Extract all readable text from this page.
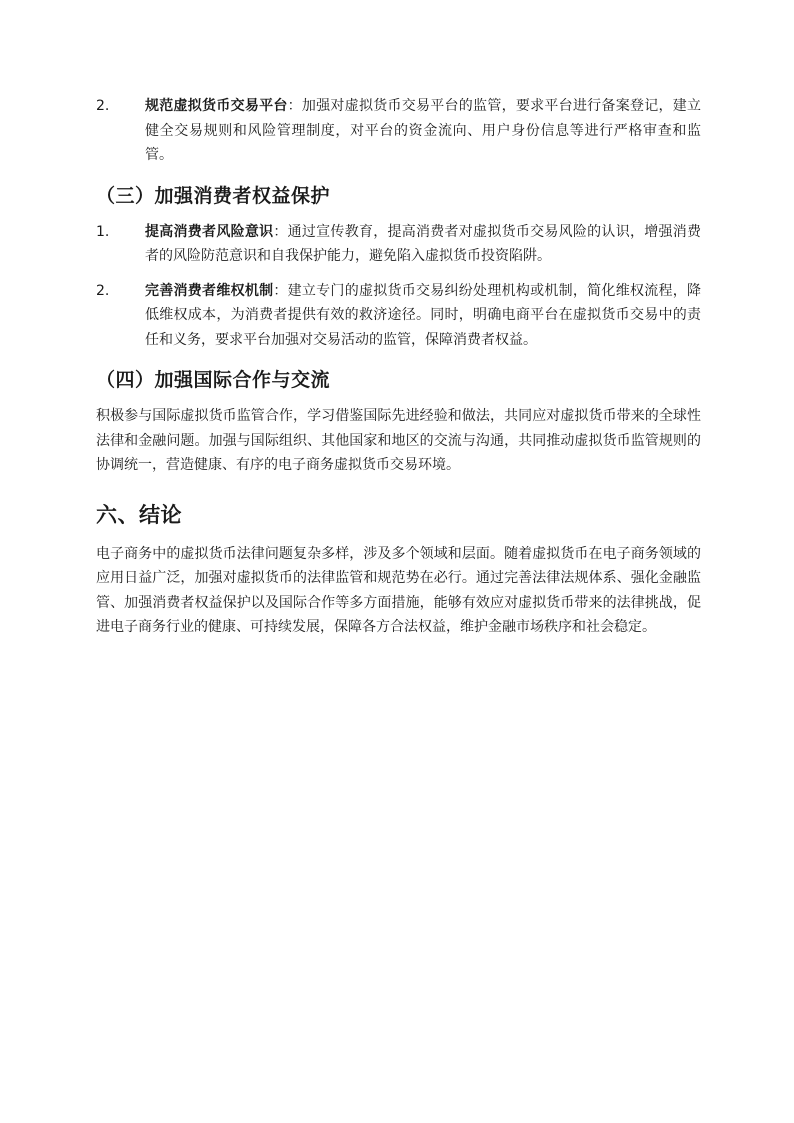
2.	规范虚拟货币交易平台：加强对虚拟货币交易平台的监管，要求平台进行备案登记，建立健全交易规则和风险管理制度，对平台的资金流向、用户身份信息等进行严格审查和监管。
（三）加强消费者权益保护
1.	提高消费者风险意识：通过宣传教育，提高消费者对虚拟货币交易风险的认识，增强消费者的风险防范意识和自我保护能力，避免陷入虚拟货币投资陷阱。
2.	完善消费者维权机制：建立专门的虚拟货币交易纠纷处理机构或机制，简化维权流程，降低维权成本，为消费者提供有效的救济途径。同时，明确电商平台在虚拟货币交易中的责任和义务，要求平台加强对交易活动的监管，保障消费者权益。
（四）加强国际合作与交流

积极参与国际虚拟货币监管合作，学习借鉴国际先进经验和做法，共同应对虚拟货币带来的全球性法律和金融问题。加强与国际组织、其他国家和地区的交流与沟通，共同推动虚拟货币监管规则的协调统一，营造健康、有序的电子商务虚拟货币交易环境。

六、结论

电子商务中的虚拟货币法律问题复杂多样，涉及多个领域和层面。随着虚拟货币在电子商务领域的应用日益广泛，加强对虚拟货币的法律监管和规范势在必行。通过完善法律法规体系、强化金融监管、加强消费者权益保护以及国际合作等多方面措施，能够有效应对虚拟货币带来的法律挑战，促进电子商务行业的健康、可持续发展，保障各方合法权益，维护金融市场秩序和社会稳定。
